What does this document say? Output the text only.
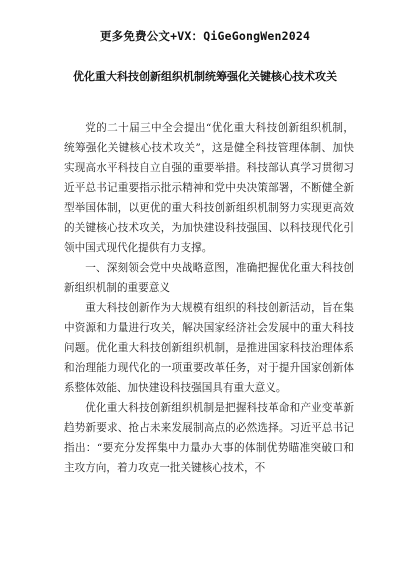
更多免费公文+VX：QiGeGongWen2024
优化重大科技创新组织机制统筹强化关键核心技术攻关

党的二十届三中全会提出“优化重大科技创新组织机制，统筹强化关键核心技术攻关”，这是健全科技管理体制、加快实现高水平科技自立自强的重要举措。科技部认真学习贯彻习近平总书记重要指示批示精神和党中央决策部署，不断健全新型举国体制，以更优的重大科技创新组织机制努力实现更高效的关键核心技术攻关，为加快建设科技强国、以科技现代化引领中国式现代化提供有力支撑。

一、深刻领会党中央战略意图，准确把握优化重大科技创新组织机制的重要意义

重大科技创新作为大规模有组织的科技创新活动，旨在集中资源和力量进行攻关，解决国家经济社会发展中的重大科技问题。优化重大科技创新组织机制，是推进国家科技治理体系和治理能力现代化的一项重要改革任务，对于提升国家创新体系整体效能、加快建设科技强国具有重大意义。

优化重大科技创新组织机制是把握科技革命和产业变革新趋势新要求、抢占未来发展制高点的必然选择。习近平总书记指出：“要充分发挥集中力量办大事的体制优势瞄准突破口和主攻方向，着力攻克一批关键核心技术，不
